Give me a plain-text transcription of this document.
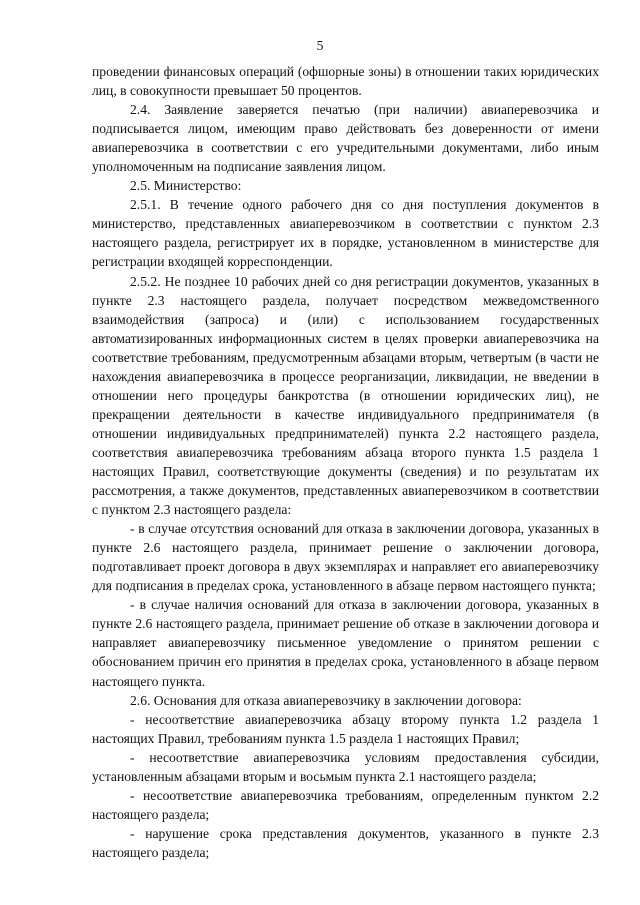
5

проведении финансовых операций (офшорные зоны) в отношении таких юридических лиц, в совокупности превышает 50 процентов.

2.4. Заявление заверяется печатью (при наличии) авиаперевозчика и подписывается лицом, имеющим право действовать без доверенности от имени авиаперевозчика в соответствии с его учредительными документами, либо иным уполномоченным на подписание заявления лицом.

2.5. Министерство:

2.5.1. В течение одного рабочего дня со дня поступления документов в министерство, представленных авиаперевозчиком в соответствии с пунктом 2.3 настоящего раздела, регистрирует их в порядке, установленном в министерстве для регистрации входящей корреспонденции.

2.5.2. Не позднее 10 рабочих дней со дня регистрации документов, указанных в пункте 2.3 настоящего раздела, получает посредством межведомственного взаимодействия (запроса) и (или) с использованием государственных автоматизированных информационных систем в целях проверки авиаперевозчика на соответствие требованиям, предусмотренным абзацами вторым, четвертым (в части не нахождения авиаперевозчика в процессе реорганизации, ликвидации, не введении в отношении него процедуры банкротства (в отношении юридических лиц), не прекращении деятельности в качестве индивидуального предпринимателя (в отношении индивидуальных предпринимателей) пункта 2.2 настоящего раздела, соответствия авиаперевозчика требованиям абзаца второго пункта 1.5 раздела 1 настоящих Правил, соответствующие документы (сведения) и по результатам их рассмотрения, а также документов, представленных авиаперевозчиком в соответствии с пунктом 2.3 настоящего раздела:

- в случае отсутствия оснований для отказа в заключении договора, указанных в пункте 2.6 настоящего раздела, принимает решение о заключении договора, подготавливает проект договора в двух экземплярах и направляет его авиаперевозчику для подписания в пределах срока, установленного в абзаце первом настоящего пункта;

- в случае наличия оснований для отказа в заключении договора, указанных в пункте 2.6 настоящего раздела, принимает решение об отказе в заключении договора и направляет авиаперевозчику письменное уведомление о принятом решении с обоснованием причин его принятия в пределах срока, установленного в абзаце первом настоящего пункта.

2.6. Основания для отказа авиаперевозчику в заключении договора:

- несоответствие авиаперевозчика абзацу второму пункта 1.2 раздела 1 настоящих Правил, требованиям пункта 1.5 раздела 1 настоящих Правил;

- несоответствие авиаперевозчика условиям предоставления субсидии, установленным абзацами вторым и восьмым пункта 2.1 настоящего раздела;

- несоответствие авиаперевозчика требованиям, определенным пунктом 2.2 настоящего раздела;

- нарушение срока представления документов, указанного в пункте 2.3 настоящего раздела;
